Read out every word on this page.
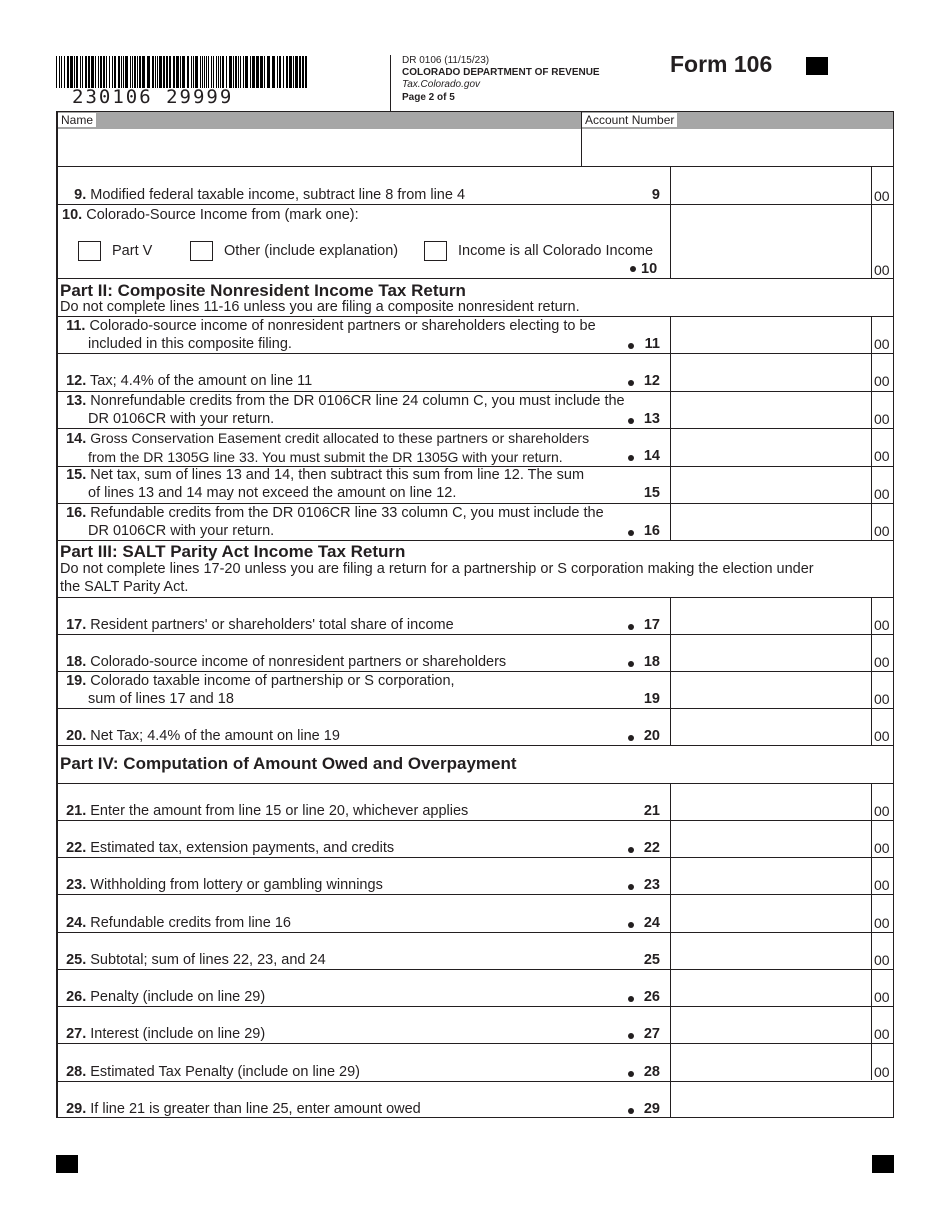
230106 29999
DR 0106 (11/15/23)
COLORADO DEPARTMENT OF REVENUE
Tax.Colorado.gov
Page 2 of 5
Form 106
Name	Account Number
9. Modified federal taxable income, subtract line 8 from line 4	9	00
10. Colorado-Source Income from (mark one):
Part V	Other (include explanation)	Income is all Colorado Income
10	00
Part II: Composite Nonresident Income Tax Return
Do not complete lines 11-16 unless you are filing a composite nonresident return.
11. Colorado-source income of nonresident partners or shareholders electing to be
included in this composite filing.	11	00
12. Tax; 4.4% of the amount on line 11	12	00
13. Nonrefundable credits from the DR 0106CR line 24 column C, you must include the
DR 0106CR with your return.	13	00
14. Gross Conservation Easement credit allocated to these partners or shareholders
from the DR 1305G line 33. You must submit the DR 1305G with your return.	14	00
15. Net tax, sum of lines 13 and 14, then subtract this sum from line 12. The sum
of lines 13 and 14 may not exceed the amount on line 12.	15	00
16. Refundable credits from the DR 0106CR line 33 column C, you must include the
DR 0106CR with your return.	16	00
Part III: SALT Parity Act Income Tax Return
Do not complete lines 17-20 unless you are filing a return for a partnership or S corporation making the election under
the SALT Parity Act.
17. Resident partners' or shareholders' total share of income	17	00
18. Colorado-source income of nonresident partners or shareholders	18	00
19. Colorado taxable income of partnership or S corporation,
sum of lines 17 and 18	19	00
20. Net Tax; 4.4% of the amount on line 19	20	00
Part IV: Computation of Amount Owed and Overpayment
21. Enter the amount from line 15 or line 20, whichever applies	21	00
22. Estimated tax, extension payments, and credits	22	00
23. Withholding from lottery or gambling winnings	23	00
24. Refundable credits from line 16	24	00
25. Subtotal; sum of lines 22, 23, and 24	25	00
26. Penalty (include on line 29)	26	00
27. Interest (include on line 29)	27	00
28. Estimated Tax Penalty (include on line 29)	28	00
29. If line 21 is greater than line 25, enter amount owed	29
